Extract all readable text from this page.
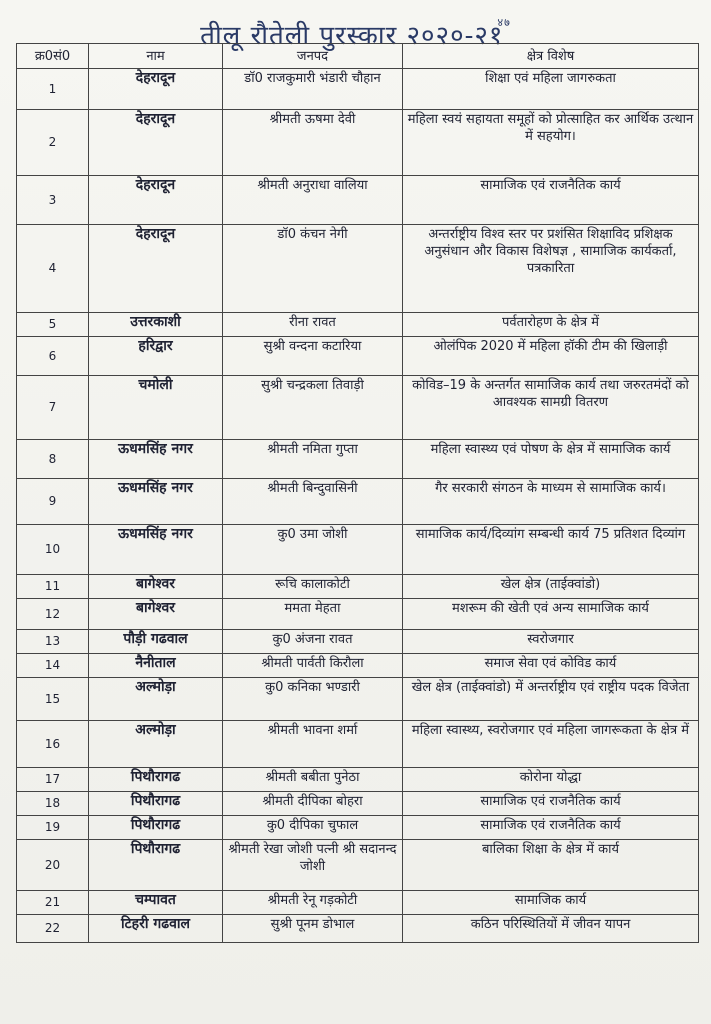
तीलू रौतेली पुरस्कार $२०२०-२१^{४७}$
क्र0सं0	नाम	जनपद	क्षेत्र विशेष
1	देहरादून	डॉ0 राजकुमारी भंडारी चौहान	शिक्षा एवं महिला जागरुकता
2	देहरादून	श्रीमती ऊषमा देवी	महिला स्वयं सहायता समूहों को प्रोत्साहित कर आर्थिक उत्थान में सहयोग।
3	देहरादून	श्रीमती अनुराधा वालिया	सामाजिक एवं राजनैतिक कार्य
4	देहरादून	डॉ0 कंचन नेगी	अन्तर्राष्ट्रीय विश्व स्तर पर प्रशंसित शिक्षाविद प्रशिक्षक अनुसंधान और विकास विशेषज्ञ , सामाजिक कार्यकर्ता, पत्रकारिता
5	उत्तरकाशी	रीना रावत	पर्वतारोहण के क्षेत्र में
6	हरिद्वार	सुश्री वन्दना कटारिया	ओलंपिक 2020 में महिला हॉकी टीम की खिलाड़ी
7	चमोली	सुश्री चन्द्रकला तिवाड़ी	कोविड–19 के अन्तर्गत सामाजिक कार्य तथा जरुरतमंदों को आवश्यक सामग्री वितरण
8	ऊधमसिंह नगर	श्रीमती नमिता गुप्ता	महिला स्वास्थ्य एवं पोषण के क्षेत्र में सामाजिक कार्य
9	ऊधमसिंह नगर	श्रीमती बिन्दुवासिनी	गैर सरकारी संगठन के माध्यम से सामाजिक कार्य।
10	ऊधमसिंह नगर	कु0 उमा जोशी	सामाजिक कार्य/दिव्यांग सम्बन्धी कार्य 75 प्रतिशत दिव्यांग
11	बागेश्वर	रूचि कालाकोटी	खेल क्षेत्र (ताईक्वांडो)
12	बागेश्वर	ममता मेहता	मशरूम की खेती एवं अन्य सामाजिक कार्य
13	पौड़ी गढवाल	कु0 अंजना रावत	स्वरोजगार
14	नैनीताल	श्रीमती पार्वती किरौला	समाज सेवा एवं कोविड कार्य
15	अल्मोड़ा	कु0 कनिका भण्डारी	खेल क्षेत्र (ताईक्वांडो) में अन्तर्राष्ट्रीय एवं राष्ट्रीय पदक विजेता
16	अल्मोड़ा	श्रीमती भावना शर्मा	महिला स्वास्थ्य, स्वरोजगार एवं महिला जागरूकता के क्षेत्र में
17	पिथौरागढ	श्रीमती बबीता पुनेठा	कोरोना योद्धा
18	पिथौरागढ	श्रीमती दीपिका बोहरा	सामाजिक एवं राजनैतिक कार्य
19	पिथौरागढ	कु0 दीपिका चुफाल	सामाजिक एवं राजनैतिक कार्य
20	पिथौरागढ	श्रीमती रेखा जोशी पत्नी श्री सदानन्द जोशी	बालिका शिक्षा के क्षेत्र में कार्य
21	चम्पावत	श्रीमती रेनू गड़कोटी	सामाजिक कार्य
22	टिहरी गढवाल	सुश्री पूनम डोभाल	कठिन परिस्थितियों में जीवन यापन
